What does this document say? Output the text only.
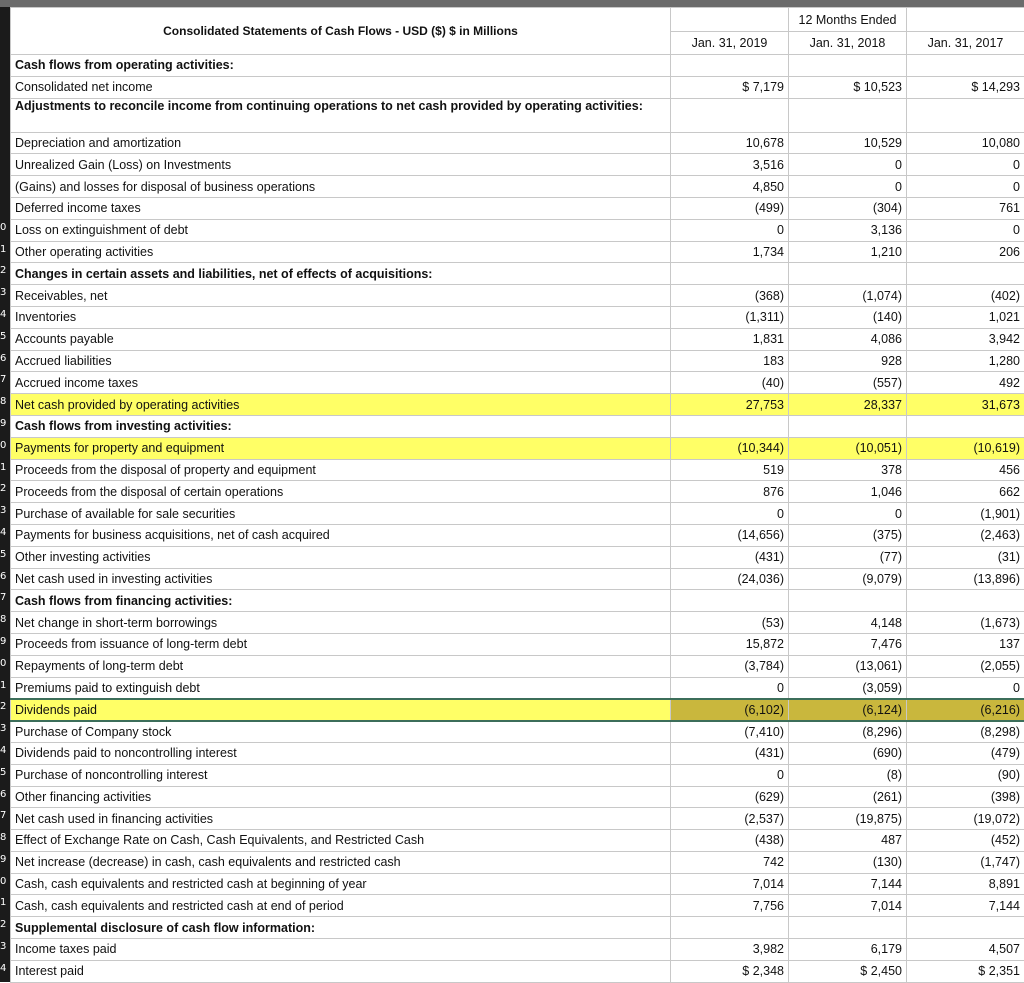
0
1
2
3
4
5
6
7
8
9
0
1
2
3
4
5
6
7
8
9
0
1
2
3
4
5
6
7
8
9
0
1
2
3
4
Consolidated Statements of Cash Flows - USD ($) $ in Millions		12 Months Ended	
	Jan. 31, 2019	Jan. 31, 2018	Jan. 31, 2017
Cash flows from operating activities:			
Consolidated net income	$ 7,179	$ 10,523	$ 14,293
Adjustments to reconcile income from continuing operations to net cash provided by operating activities:			
Depreciation and amortization	10,678	10,529	10,080
Unrealized Gain (Loss) on Investments	3,516	0	0
(Gains) and losses for disposal of business operations	4,850	0	0
Deferred income taxes	(499)	(304)	761
Loss on extinguishment of debt	0	3,136	0
Other operating activities	1,734	1,210	206
Changes in certain assets and liabilities, net of effects of acquisitions:			
Receivables, net	(368)	(1,074)	(402)
Inventories	(1,311)	(140)	1,021
Accounts payable	1,831	4,086	3,942
Accrued liabilities	183	928	1,280
Accrued income taxes	(40)	(557)	492
Net cash provided by operating activities	27,753	28,337	31,673
Cash flows from investing activities:			
Payments for property and equipment	(10,344)	(10,051)	(10,619)
Proceeds from the disposal of property and equipment	519	378	456
Proceeds from the disposal of certain operations	876	1,046	662
Purchase of available for sale securities	0	0	(1,901)
Payments for business acquisitions, net of cash acquired	(14,656)	(375)	(2,463)
Other investing activities	(431)	(77)	(31)
Net cash used in investing activities	(24,036)	(9,079)	(13,896)
Cash flows from financing activities:			
Net change in short-term borrowings	(53)	4,148	(1,673)
Proceeds from issuance of long-term debt	15,872	7,476	137
Repayments of long-term debt	(3,784)	(13,061)	(2,055)
Premiums paid to extinguish debt	0	(3,059)	0
Dividends paid	(6,102)	(6,124)	(6,216)
Purchase of Company stock	(7,410)	(8,296)	(8,298)
Dividends paid to noncontrolling interest	(431)	(690)	(479)
Purchase of noncontrolling interest	0	(8)	(90)
Other financing activities	(629)	(261)	(398)
Net cash used in financing activities	(2,537)	(19,875)	(19,072)
Effect of Exchange Rate on Cash, Cash Equivalents, and Restricted Cash	(438)	487	(452)
Net increase (decrease) in cash, cash equivalents and restricted cash	742	(130)	(1,747)
Cash, cash equivalents and restricted cash at beginning of year	7,014	7,144	8,891
Cash, cash equivalents and restricted cash at end of period	7,756	7,014	7,144
Supplemental disclosure of cash flow information:			
Income taxes paid	3,982	6,179	4,507
Interest paid	$ 2,348	$ 2,450	$ 2,351
